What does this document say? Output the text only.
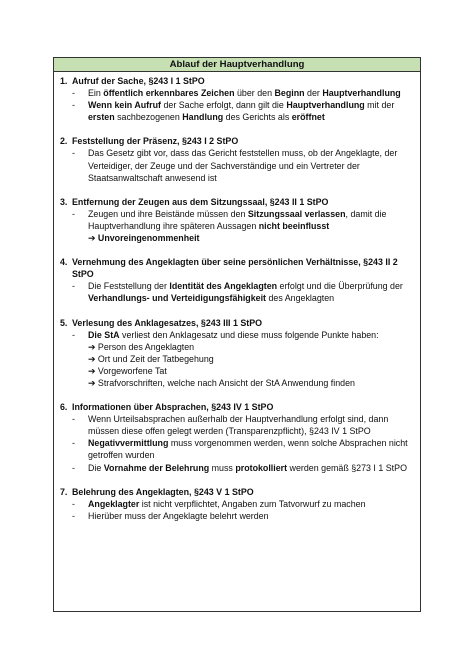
Ablauf der Hauptverhandlung
1. Aufruf der Sache, §243 I 1 StPO
-	Ein öffentlich erkennbares Zeichen über den Beginn der Hauptverhandlung
-	Wenn kein Aufruf der Sache erfolgt, dann gilt die Hauptverhandlung mit der ersten sachbezogenen Handlung des Gerichts als eröffnet
2. Feststellung der Präsenz, §243 I 2 StPO
-	Das Gesetz gibt vor, dass das Gericht feststellen muss, ob der Angeklagte, der Verteidiger, der Zeuge und der Sachverständige und ein Vertreter der Staatsanwaltschaft anwesend ist
3. Entfernung der Zeugen aus dem Sitzungssaal, §243 II 1 StPO
-	Zeugen und ihre Beistände müssen den Sitzungssaal verlassen, damit die Hauptverhandlung ihre späteren Aussagen nicht beeinflusst
➔ Unvoreingenommenheit
4. Vernehmung des Angeklagten über seine persönlichen Verhältnisse, §243 II 2 StPO
-	Die Feststellung der Identität des Angeklagten erfolgt und die Überprüfung der Verhandlungs- und Verteidigungsfähigkeit des Angeklagten
5. Verlesung des Anklagesatzes, §243 III 1 StPO
-	Die StA verliest den Anklagesatz und diese muss folgende Punkte haben:
➔ Person des Angeklagten
➔ Ort und Zeit der Tatbegehung
➔ Vorgeworfene Tat
➔ Strafvorschriften, welche nach Ansicht der StA Anwendung finden
6. Informationen über Absprachen, §243 IV 1 StPO
-	Wenn Urteilsabsprachen außerhalb der Hauptverhandlung erfolgt sind, dann müssen diese offen gelegt werden (Transparenzpflicht), §243 IV 1 StPO
-	Negativvermittlung muss vorgenommen werden, wenn solche Absprachen nicht getroffen wurden
-	Die Vornahme der Belehrung muss protokolliert werden gemäß §273 I 1 StPO
7. Belehrung des Angeklagten, §243 V 1 StPO
-	Angeklagter ist nicht verpflichtet, Angaben zum Tatvorwurf zu machen
-	Hierüber muss der Angeklagte belehrt werden
